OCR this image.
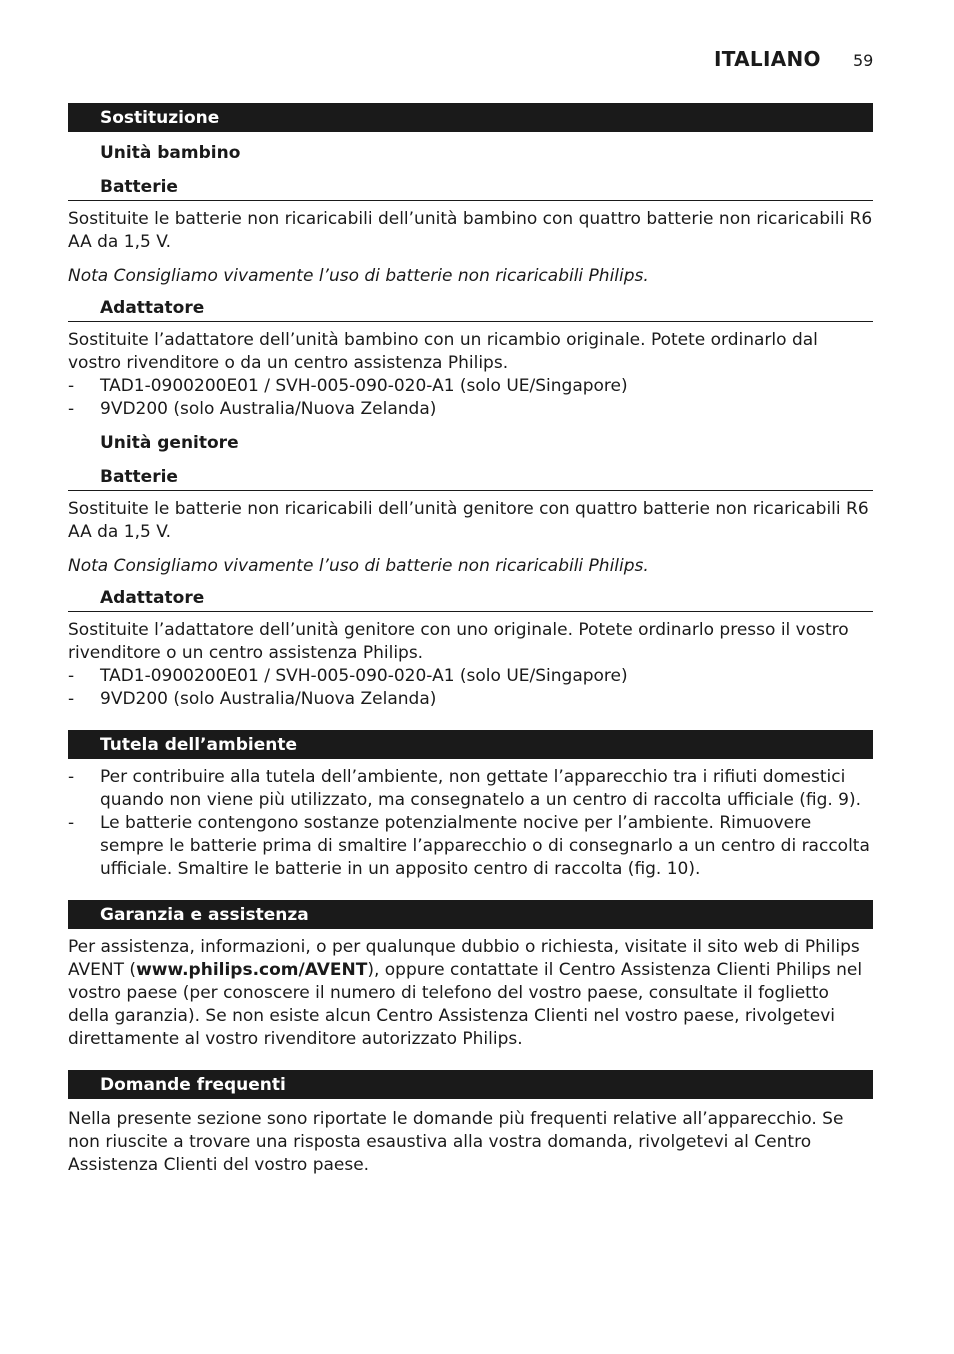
ITALIANO 59
Sostituzione
Unità bambino
Batterie
Sostituite le batterie non ricaricabili dell’unità bambino con quattro batterie non ricaricabili R6 AA da 1,5 V.
Nota Consigliamo vivamente l’uso di batterie non ricaricabili Philips.
Adattatore
Sostituite l’adattatore dell’unità bambino con un ricambio originale. Potete ordinarlo dal vostro rivenditore o da un centro assistenza Philips.
- TAD1-0900200E01 / SVH-005-090-020-A1 (solo UE/Singapore)
- 9VD200 (solo Australia/Nuova Zelanda)
Unità genitore
Batterie
Sostituite le batterie non ricaricabili dell’unità genitore con quattro batterie non ricaricabili R6 AA da 1,5 V.
Nota Consigliamo vivamente l’uso di batterie non ricaricabili Philips.
Adattatore
Sostituite l’adattatore dell’unità genitore con uno originale. Potete ordinarlo presso il vostro rivenditore o un centro assistenza Philips.
- TAD1-0900200E01 / SVH-005-090-020-A1 (solo UE/Singapore)
- 9VD200 (solo Australia/Nuova Zelanda)
Tutela dell’ambiente
- Per contribuire alla tutela dell’ambiente, non gettate l’apparecchio tra i rifiuti domestici quando non viene più utilizzato, ma consegnatelo a un centro di raccolta ufficiale (fig. 9).
- Le batterie contengono sostanze potenzialmente nocive per l’ambiente. Rimuovere sempre le batterie prima di smaltire l’apparecchio o di consegnarlo a un centro di raccolta ufficiale. Smaltire le batterie in un apposito centro di raccolta (fig. 10).
Garanzia e assistenza
Per assistenza, informazioni, o per qualunque dubbio o richiesta, visitate il sito web di Philips AVENT (www.philips.com/AVENT), oppure contattate il Centro Assistenza Clienti Philips nel vostro paese (per conoscere il numero di telefono del vostro paese, consultate il foglietto della garanzia). Se non esiste alcun Centro Assistenza Clienti nel vostro paese, rivolgetevi direttamente al vostro rivenditore autorizzato Philips.
Domande frequenti
Nella presente sezione sono riportate le domande più frequenti relative all’apparecchio. Se non riuscite a trovare una risposta esaustiva alla vostra domanda, rivolgetevi al Centro Assistenza Clienti del vostro paese.
